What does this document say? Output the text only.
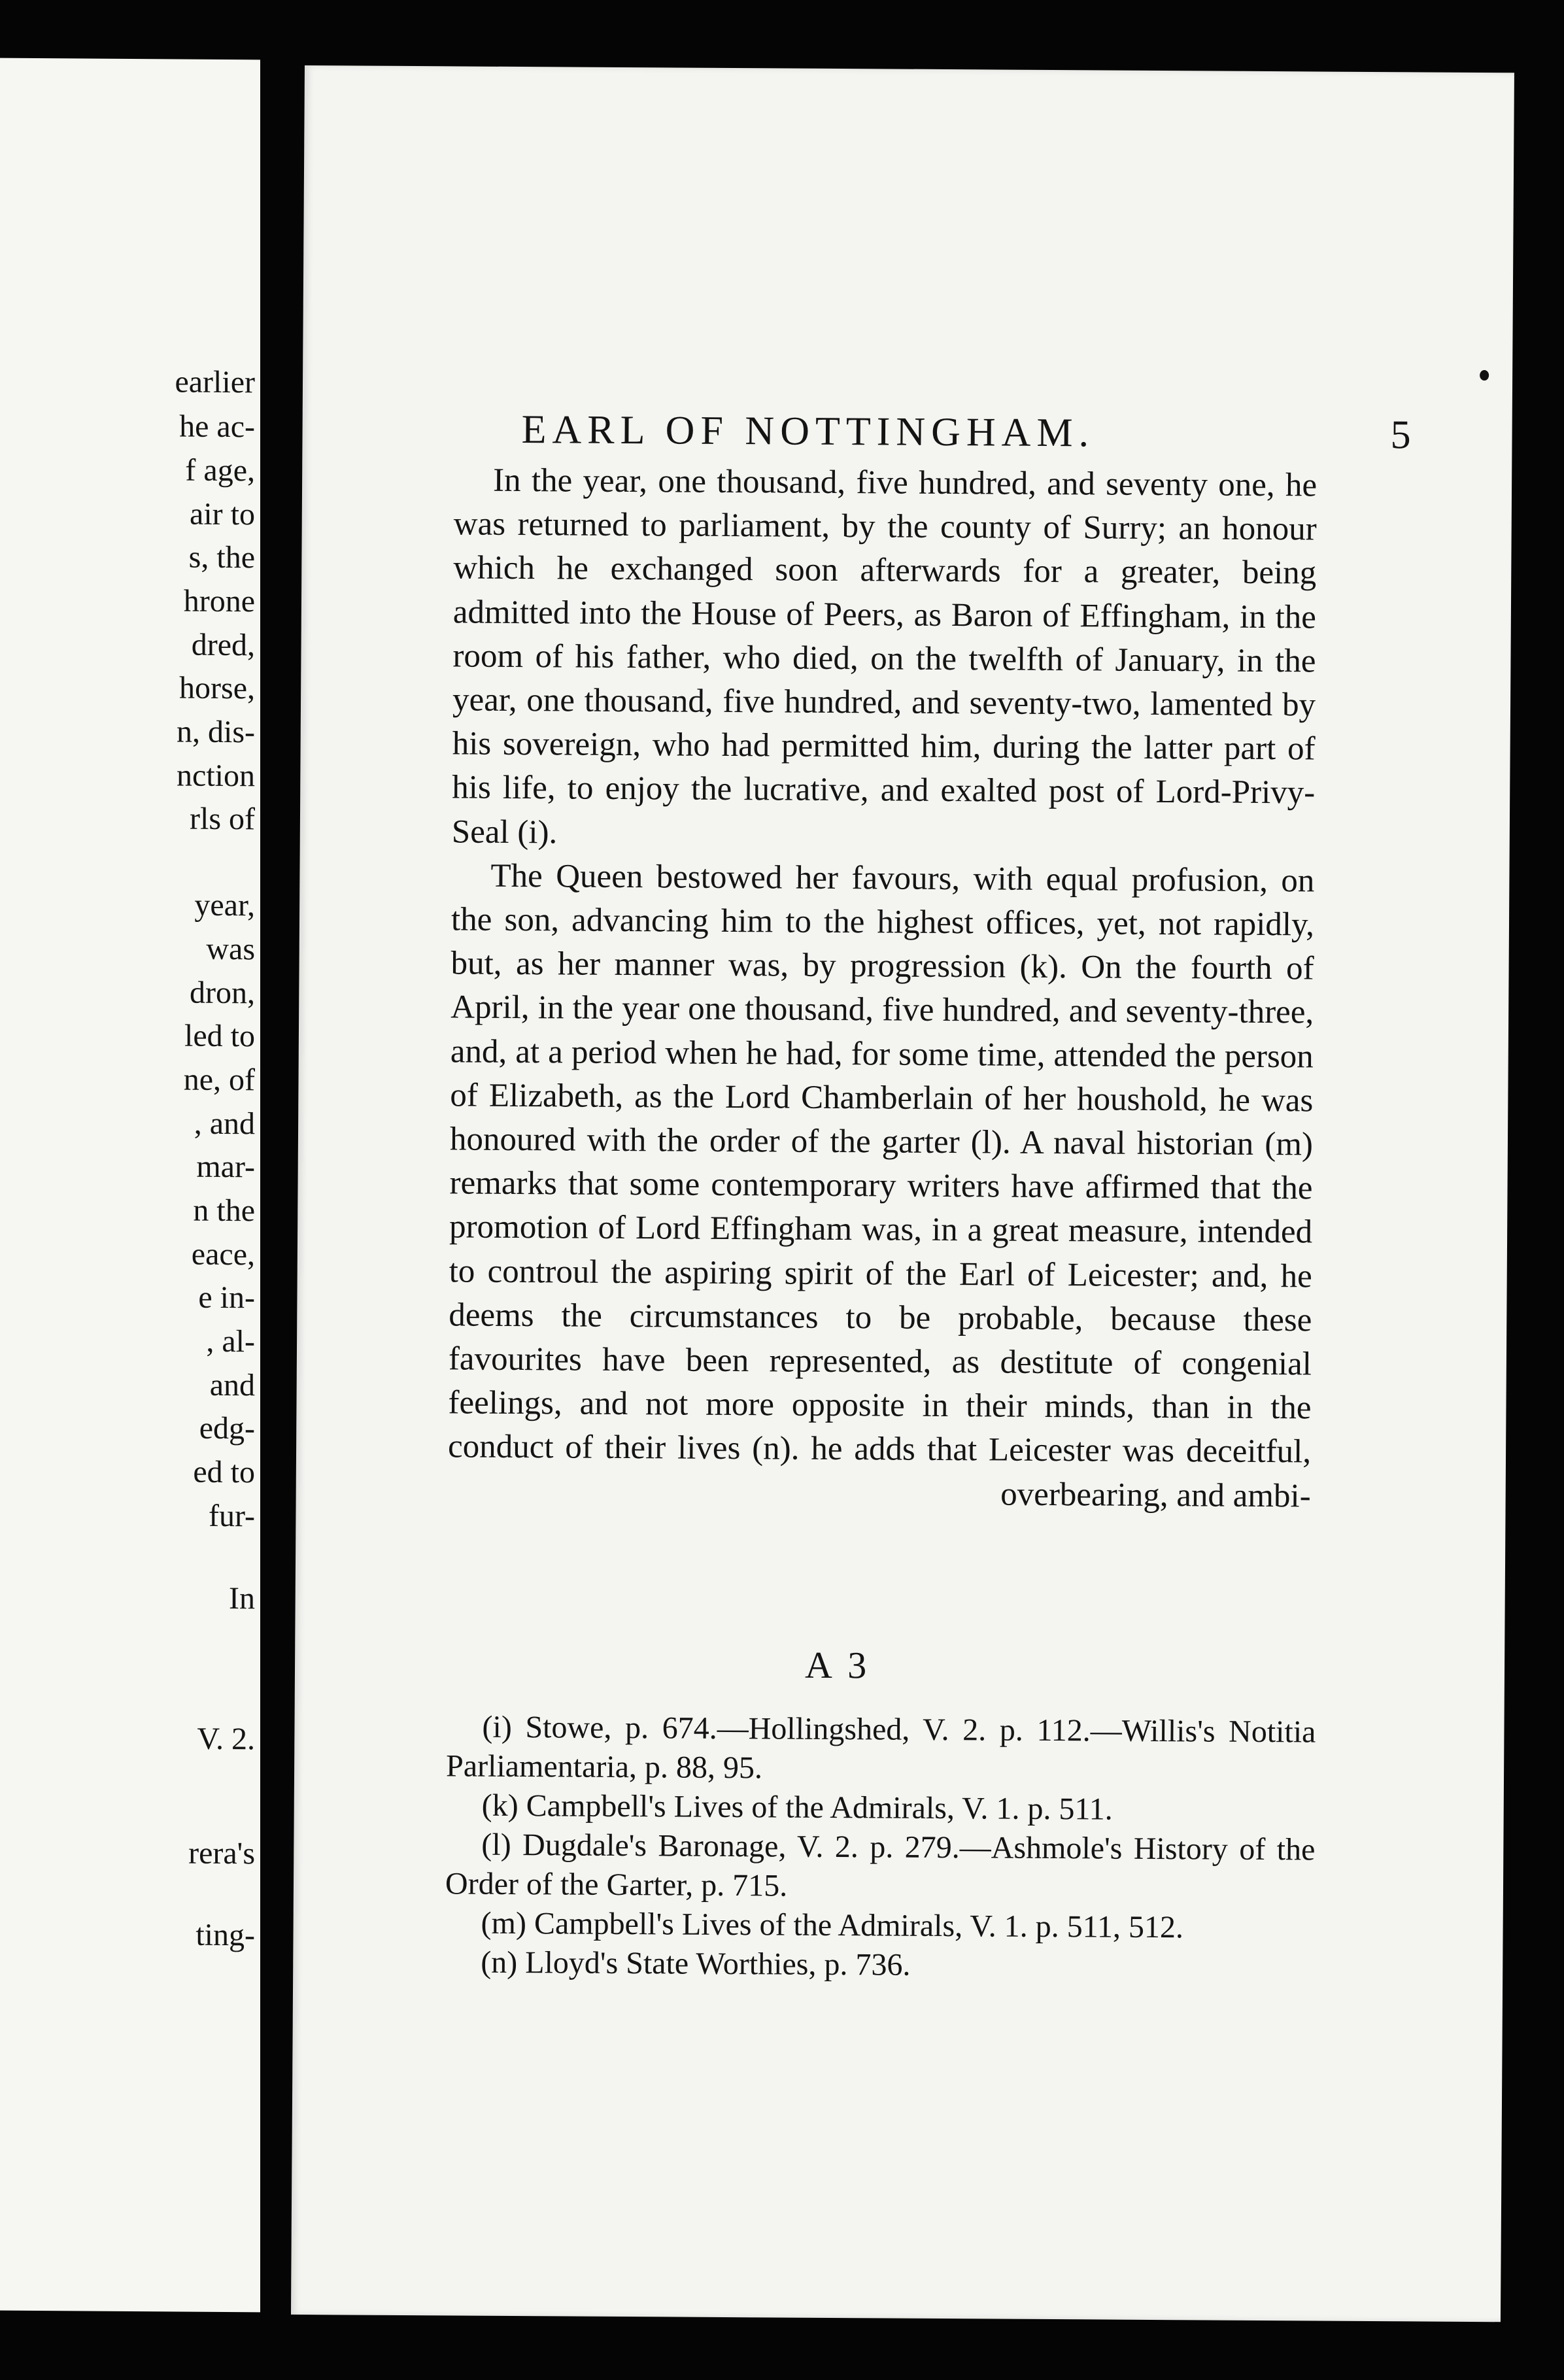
earlier
he ac-
f age,
air to
s, the
hrone
dred,
horse,
n, dis-
nction
rls of
year,
was
dron,
led to
ne, of
, and
mar-
n the
eace,
e in-
, al-
and
edg-
ed to
fur-
In
V. 2.
rera's
ting-
EARL OF NOTTINGHAM.	5

In the year, one thousand, five hundred, and seventy one, he was returned to parliament, by the county of Surry; an honour which he exchanged soon afterwards for a greater, being admitted into the House of Peers, as Baron of Effingham, in the room of his father, who died, on the twelfth of January, in the year, one thousand, five hundred, and seventy-two, lamented by his sovereign, who had permitted him, during the latter part of his life, to enjoy the lucrative, and exalted post of Lord-Privy-Seal (i).

The Queen bestowed her favours, with equal profusion, on the son, advancing him to the highest offices, yet, not rapidly, but, as her manner was, by progression (k). On the fourth of April, in the year one thousand, five hundred, and seventy-three, and, at a period when he had, for some time, attended the person of Elizabeth, as the Lord Chamberlain of her houshold, he was honoured with the order of the garter (l). A naval historian (m) remarks that some contemporary writers have affirmed that the promotion of Lord Effingham was, in a great measure, intended to controul the aspiring spirit of the Earl of Leicester; and, he deems the circumstances to be probable, because these favourites have been represented, as destitute of congenial feelings, and not more opposite in their minds, than in the conduct of their lives (n). he adds that Leicester was deceitful, overbearing, and ambi-

A 3

(i) Stowe, p. 674.—Hollingshed, V. 2. p. 112.—Willis's Notitia Parliamentaria, p. 88, 95.

(k) Campbell's Lives of the Admirals, V. 1. p. 511.

(l) Dugdale's Baronage, V. 2. p. 279.—Ashmole's History of the Order of the Garter, p. 715.

(m) Campbell's Lives of the Admirals, V. 1. p. 511, 512.

(n) Lloyd's State Worthies, p. 736.
